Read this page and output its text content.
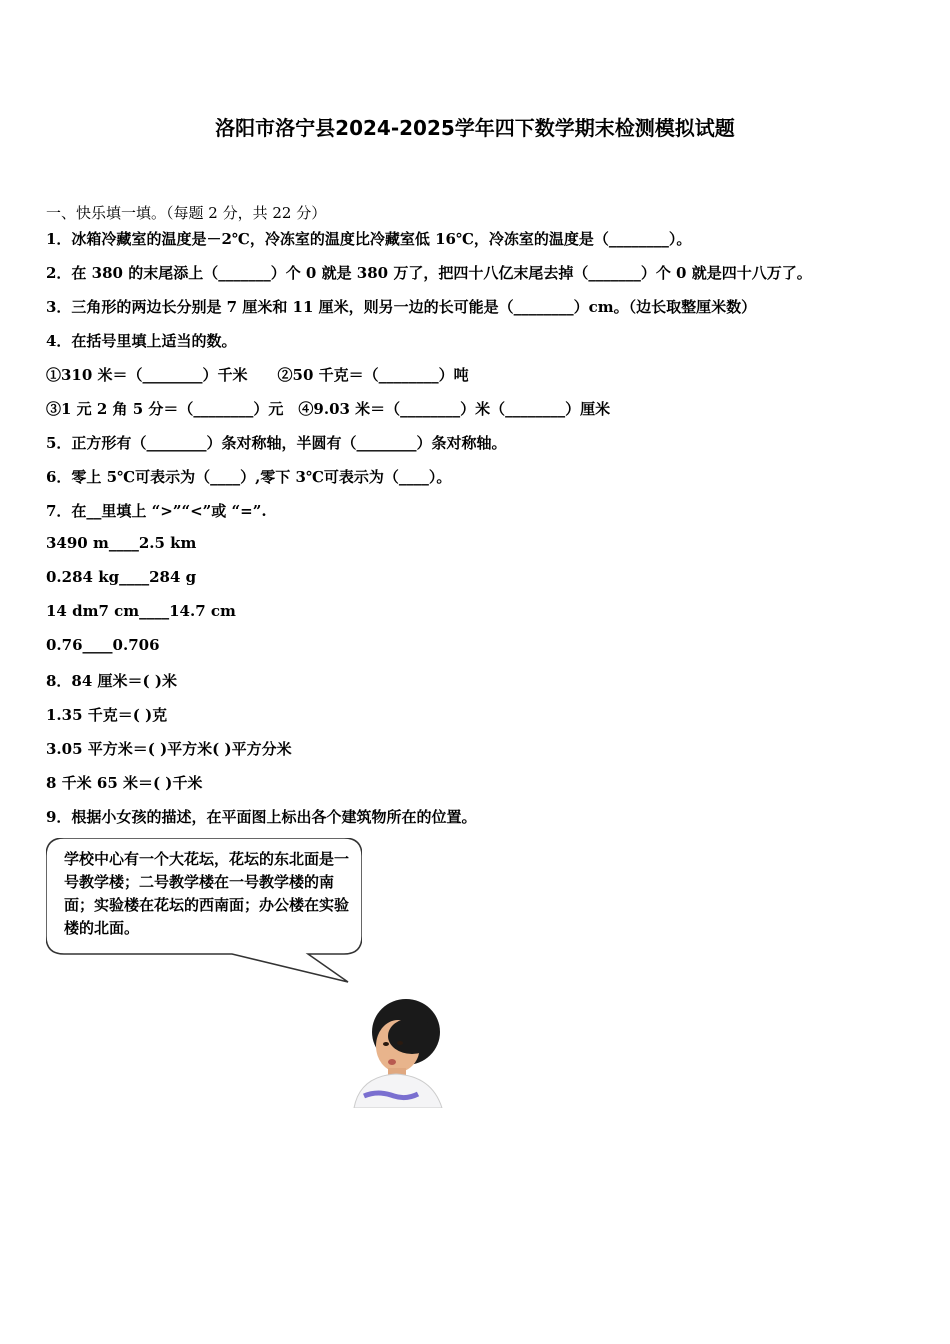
洛阳市洛宁县2024-2025学年四下数学期末检测模拟试题
一、快乐填一填。（每题 2 分，共 22 分）
1．冰箱冷藏室的温度是－2℃，冷冻室的温度比冷藏室低 16℃，冷冻室的温度是（________）。
2．在 380 的末尾添上（_______）个 0 就是 380 万了，把四十八亿末尾去掉（_______）个 0 就是四十八万了。
3．三角形的两边长分别是 7 厘米和 11 厘米，则另一边的长可能是（________）cm。（边长取整厘米数）
4．在括号里填上适当的数。
①310 米＝（________）千米　　②50 千克＝（________）吨
③1 元 2 角 5 分＝（________）元　④9.03 米＝（________）米（________）厘米
5．正方形有（________）条对称轴，半圆有（________）条对称轴。
6．零上 5℃可表示为（____）,零下 3℃可表示为（____）。
7．在__里填上 “>”“<”或 “=”.
3490 m____2.5 km
0.284 kg____284 g
14 dm7 cm____14.7 cm
0.76____0.706
8．84 厘米＝( )米
1.35 千克＝( )克
3.05 平方米＝( )平方米( )平方分米
8 千米 65 米＝( )千米
9．根据小女孩的描述，在平面图上标出各个建筑物所在的位置。
学校中心有一个大花坛，花坛的东北面是一号教学楼；二号教学楼在一号教学楼的南面；实验楼在花坛的西南面；办公楼在实验楼的北面。
